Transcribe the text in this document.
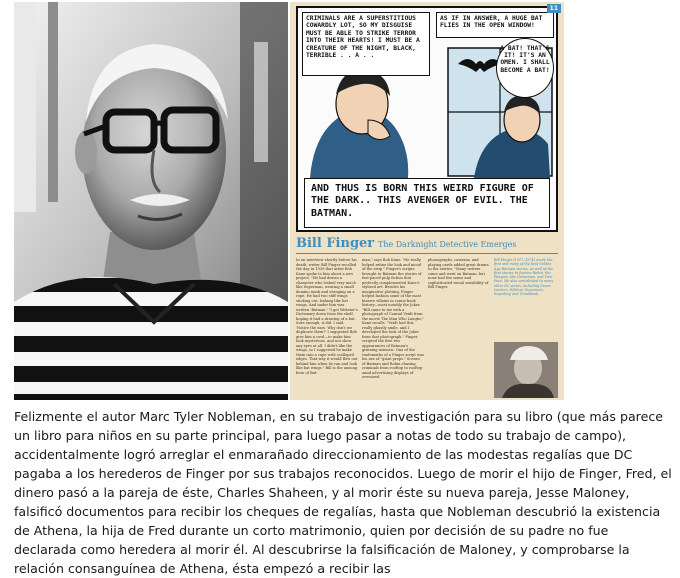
CRIMINALS ARE A SUPERSTITIOUS COWARDLY LOT, SO MY DISGUISE MUST BE ABLE TO STRIKE TERROR INTO THEIR HEARTS! I MUST BE A CREATURE OF THE NIGHT, BLACK, TERRIBLE . . A . .
AS IF IN ANSWER, A HUGE BAT FLIES IN THE OPEN WINDOW!
A BAT! THAT'S IT! IT'S AN OMEN. I SHALL BECOME A BAT!
AND THUS IS BORN THIS WEIRD FIGURE OF THE DARK.. THIS AVENGER OF EVIL. THE BATMAN.
11
Bill Finger The Darknight Detective Emerges
In an interview shortly before his death, writer Bill Finger recalled the day in 1939 that artist Bob Kane spoke to him about a new project. "He had drawn a character who looked very much like Superman, wearing a small domino mask and swinging on a rope. He had two stiff wings sticking out, looking like bat wings. And under him was written 'Batman.' "I got Webster's Dictionary down from the shelf, hoping it had a drawing of a bat. Sure enough, it did. I said, 'Notice the ears. Why don't we duplicate them?' I suggested Bob give him a cowl—to make him look mysterious, and not show any eyes at all. I didn't like the wings, so I suggested he make them into a cape with scalloped edges. That way it would flow out behind him when he ran and look like bat wings." Bill is the unsung hero of Bat-
man," says Bob Kane. "He really helped refine the look and mood of the strip." Finger's scripts brought to Batman the stories of fast-paced pulp fiction that perfectly complemented Kane's stylized art. Besides his imaginative plotting, Finger helped fashion some of the most bizarre villains in comic-book history—most notably the Joker. "Bill came to me with a photograph of Conrad Veidt from the movie The Man Who Laughs," Kane recalls. "Veidt had this really ghastly smile, and I developed the look of the Joker from that photograph." Finger scripted the first two appearances of Batman's grinning nemesis. One of the trademarks of a Finger script was his use of "giant props." Scenes of Batman and Robin chasing criminals from rooftop to rooftop amid advertising displays of oversized
phonographs, cameras, and playing cards added great drama to the stories. "Many writers came and went on Batman, but none had the sense and sophisticated visual sensibility of Bill Finger.
Bill Finger (1917–1974) wrote the first and many of the best Golden Age Batman stories, as well as the first stories to feature Robin, the Penguin, the Catwoman, and Two-Face. He also contributed to many other DC series, including Green Lantern, Wildcat, Superman, Superboy, and Tomahawk.

Felizmente el autor Marc Tyler Nobleman, en su trabajo de investigación para su libro (que más parece un libro para niños en su parte principal, para luego pasar a notas de todo su trabajo de campo), accidentalmente logró arreglar el enmarañado direccionamiento de las modestas regalías que DC pagaba a los herederos de Finger por sus trabajos reconocidos. Luego de morir el hijo de Finger, Fred, el dinero pasó a la pareja de éste, Charles Shaheen, y al morir éste su nueva pareja, Jesse Maloney, falsificó documentos para recibir los cheques de regalías, hasta que Nobleman descubrió la existencia de Athena, la hija de Fred durante un corto matrimonio, quien por decisión de su padre no fue declarada como heredera al morir él. Al descubrirse la falsificación de Maloney, y comprobarse la relación consanguínea de Athena, ésta empezó a recibir las
